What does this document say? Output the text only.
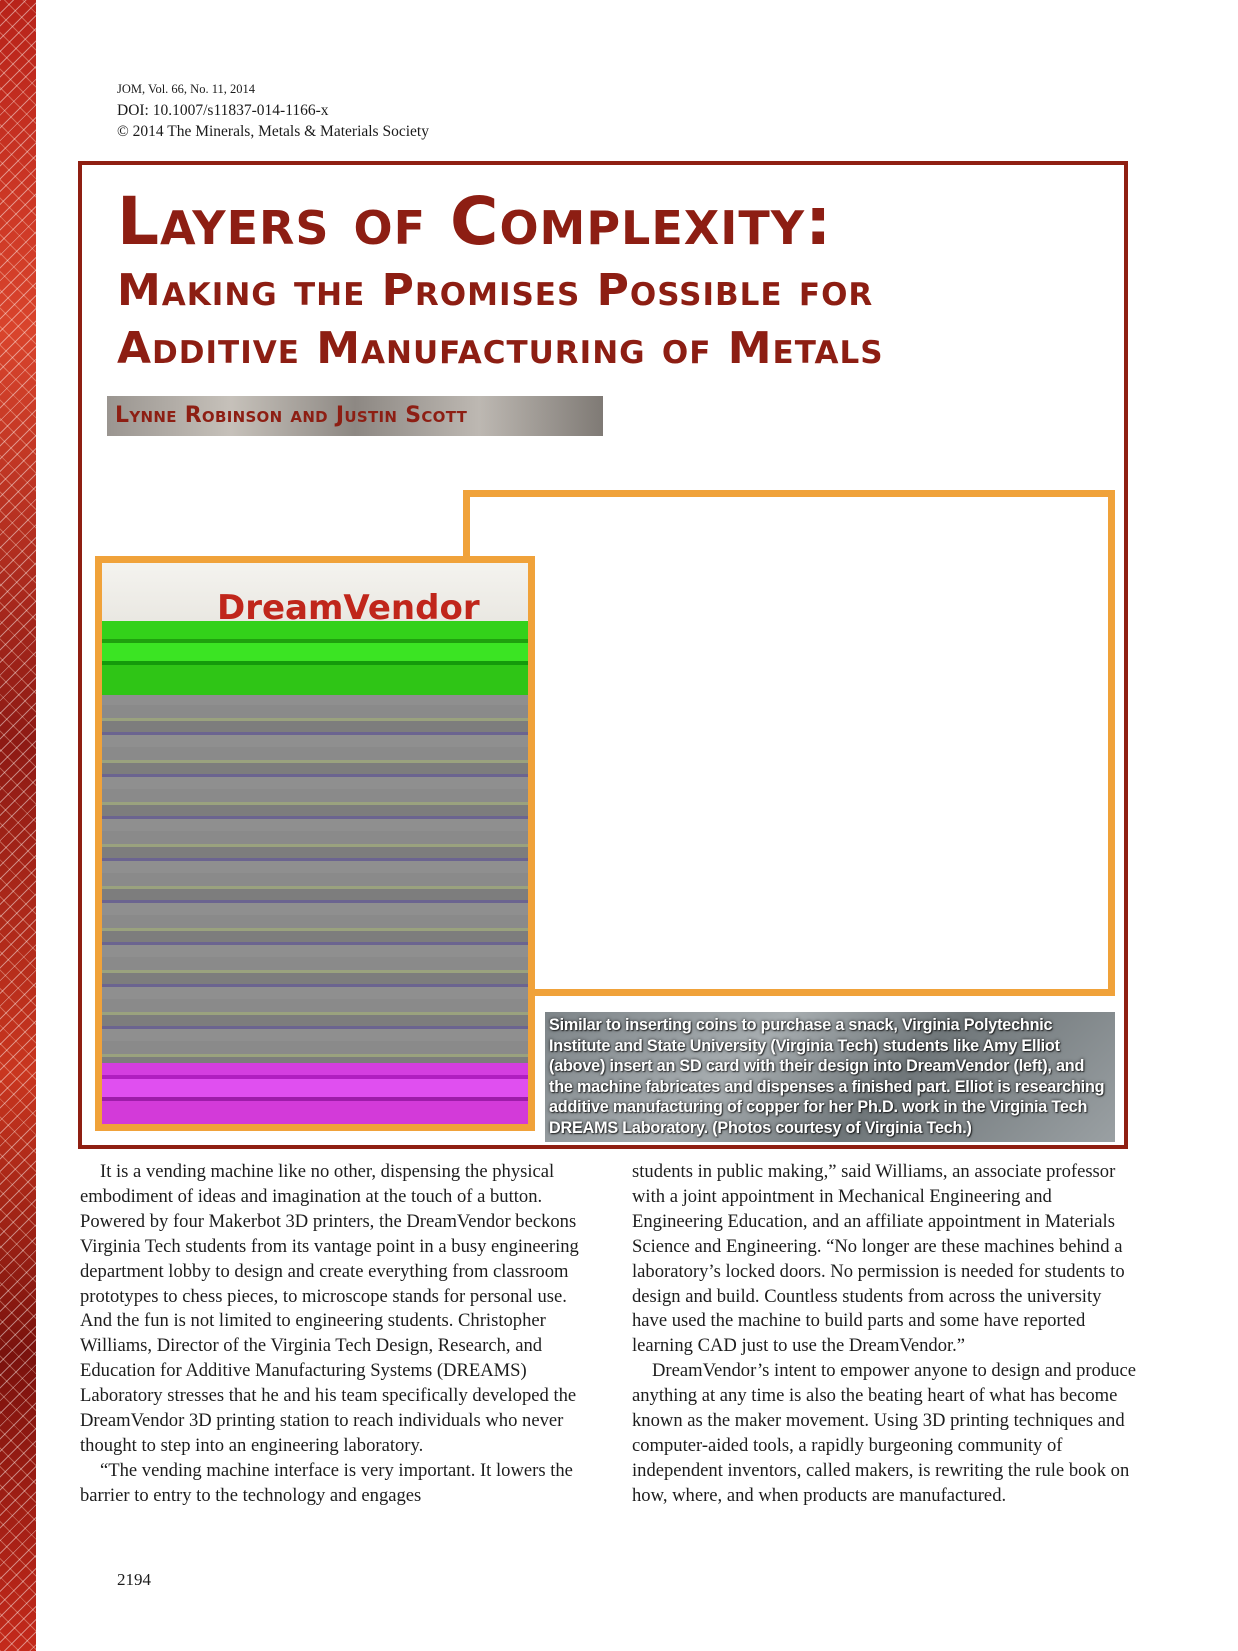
JOM, Vol. 66, No. 11, 2014
DOI: 10.1007/s11837-014-1166-x
© 2014 The Minerals, Metals & Materials Society
Layers of Complexity:
Making the Promises Possible for
Additive Manufacturing of Metals
Lynne Robinson and Justin Scott
DreamVendor
Similar to inserting coins to purchase a snack, Virginia Polytechnic Institute and State University (Virginia Tech) students like Amy Elliot (above) insert an SD card with their design into DreamVendor (left), and the machine fabricates and dispenses a finished part. Elliot is researching additive manufacturing of copper for her Ph.D. work in the Virginia Tech DREAMS Laboratory. (Photos courtesy of Virginia Tech.)

It is a vending machine like no other, dispensing the physical embodiment of ideas and imagination at the touch of a button. Powered by four Makerbot 3D printers, the DreamVendor beckons Virginia Tech students from its vantage point in a busy engineering department lobby to design and create everything from classroom prototypes to chess pieces, to microscope stands for personal use. And the fun is not limited to engineering students. Christopher Williams, Director of the Virginia Tech Design, Research, and Education for Additive Manufacturing Systems (DREAMS) Laboratory stresses that he and his team specifically developed the DreamVendor 3D printing station to reach individuals who never thought to step into an engineering laboratory.

“The vending machine interface is very important. It lowers the barrier to entry to the technology and engages

students in public making,” said Williams, an associate professor with a joint appointment in Mechanical Engineering and Engineering Education, and an affiliate appointment in Materials Science and Engineering. “No longer are these machines behind a laboratory’s locked doors. No permission is needed for students to design and build. Countless students from across the university have used the machine to build parts and some have reported learning CAD just to use the DreamVendor.”

DreamVendor’s intent to empower anyone to design and produce anything at any time is also the beating heart of what has become known as the maker movement. Using 3D printing techniques and computer-aided tools, a rapidly burgeoning community of independent inventors, called makers, is rewriting the rule book on how, where, and when products are manufactured.

2194
